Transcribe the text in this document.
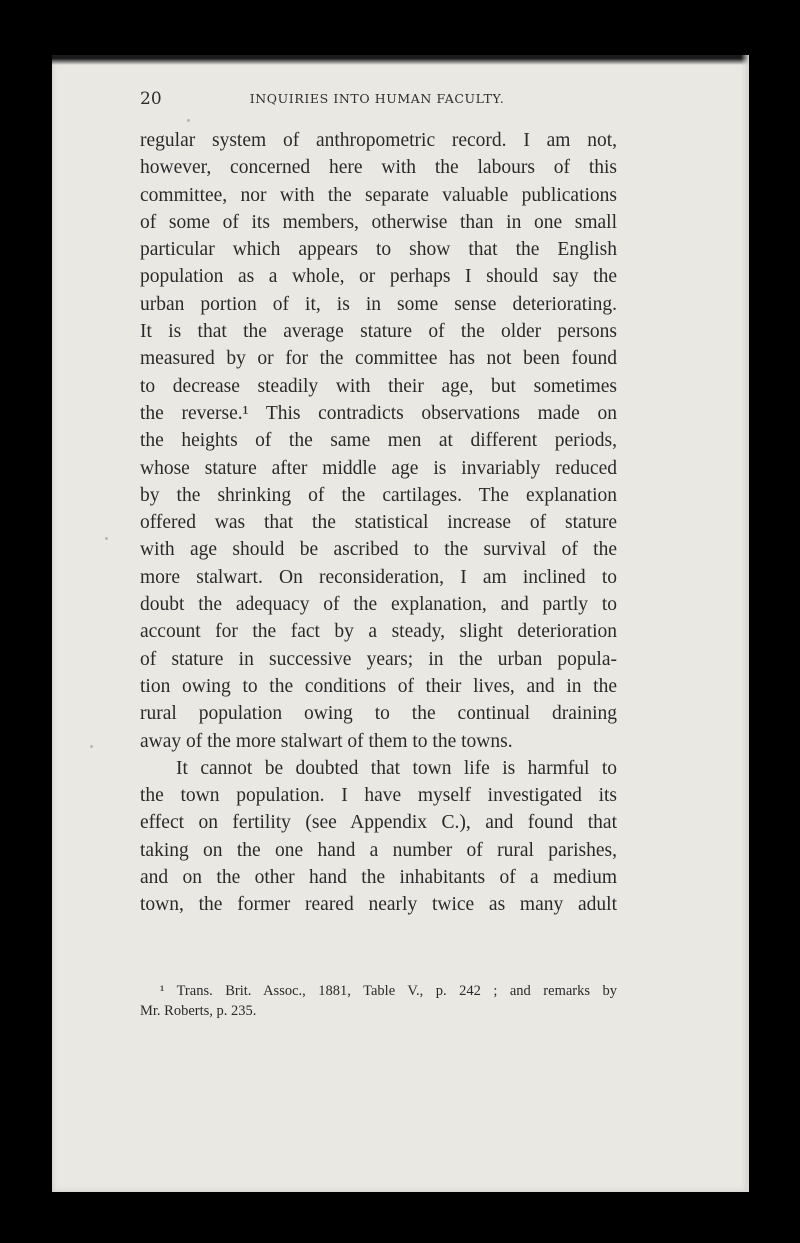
20	INQUIRIES INTO HUMAN FACULTY.
regular system of anthropometric record. I am not,
however, concerned here with the labours of this
committee, nor with the separate valuable publications
of some of its members, otherwise than in one small
particular which appears to show that the English
population as a whole, or perhaps I should say the
urban portion of it, is in some sense deteriorating.
It is that the average stature of the older persons
measured by or for the committee has not been found
to decrease steadily with their age, but sometimes
the reverse.¹ This contradicts observations made on
the heights of the same men at different periods,
whose stature after middle age is invariably reduced
by the shrinking of the cartilages. The explanation
offered was that the statistical increase of stature
with age should be ascribed to the survival of the
more stalwart. On reconsideration, I am inclined to
doubt the adequacy of the explanation, and partly to
account for the fact by a steady, slight deterioration
of stature in successive years; in the urban popula-
tion owing to the conditions of their lives, and in the
rural population owing to the continual draining
away of the more stalwart of them to the towns.
It cannot be doubted that town life is harmful to
the town population. I have myself investigated its
effect on fertility (see Appendix C.), and found that
taking on the one hand a number of rural parishes,
and on the other hand the inhabitants of a medium
town, the former reared nearly twice as many adult
¹ Trans. Brit. Assoc., 1881, Table V., p. 242 ; and remarks by
Mr. Roberts, p. 235.
